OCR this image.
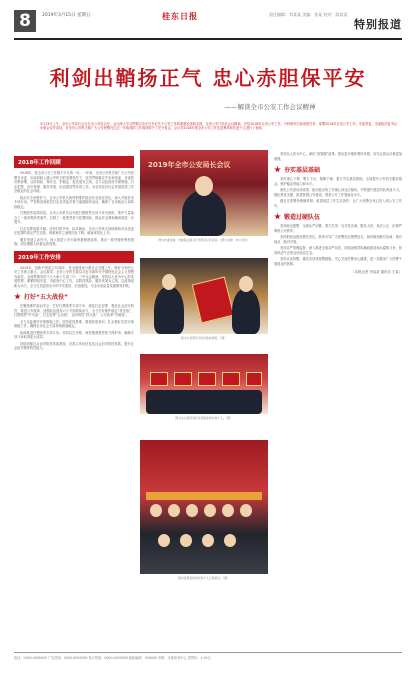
8	2019年3月15日 星期五	桂东日报	责任编辑：刘某某 美编：张某 校对：陈某某
特别报道
利剑出鞘扬正气 忠心赤胆保平安
——解读全市公安工作会议精神
3月13日上午，全市公安局长会议在市公安局召开。会议深入学习贯彻习近平总书记关于公安工作的重要论述和全国、全省公安厅局长会议精神，总结2018年全市公安工作，分析研判当前形势任务，部署2019年全市公安工作。市委常委、市委政法委书记出席会议并讲话，对全市公安机关和广大公安民警在过去一年取得的工作成绩给予了充分肯定。会议对2018年度全市公安工作先进集体和先进个人进行了表彰。
2018年工作回顾

2018年，是全市公安工作极不平凡的一年。一年来，全市公安机关和广大公安民警在市委、市政府和上级公安机关的坚强领导下，坚决贯彻落实中央和省委、市委的决策部署，以防风险、保安全、护稳定、促发展为主线，全力以赴抓好安保维稳、打击犯罪、治安管理、服务发展、队伍建设等各项工作，为全市经济社会发展营造了安全稳定的社会环境。

政治安全坚强有力。全市公安机关始终把维护政治安全放在首位，深入开展各类专项行动，严密防范和依法打击各类敌对势力渗透破坏活动，确保了全市政治大局持续稳定。

扫黑除恶成效明显。全市公安机关以开展扫黑除恶专项斗争为契机，集中力量侦办了一批涉黑涉恶案件，打掉了一批黑恶势力犯罪团伙，群众安全感和满意度进一步提升。

打击犯罪成果丰硕。坚持打防并举、标本兼治，全市公安机关持续保持对各类违法犯罪的高压严打态势，刑事案件立案数同比下降，破案率同比上升。

服务发展主动作为。深入推进公安行政审批制度改革，推出一系列便民利民措施，切实增强人民群众获得感。

2019年工作安排

2019年，是新中国成立70周年，是全面建成小康社会关键之年，做好今年的公安工作意义重大。会议要求，全市公安机关要以习近平新时代中国特色社会主义思想为指导，全面贯彻党的十九大和十九届二中、三中全会精神，坚持以人民为中心的发展思想，紧紧围绕市委、市政府中心工作，以防控风险、服务发展为主线，以改革创新为动力，全力打造更高水平的平安建设、法治建设，为全市高质量发展保驾护航。

打好“五大战役”

在聚焦维护政治安全、打好扫黑除恶专项斗争、深化打击犯罪、强化社会治安防控、推进公安改革、加强队伍建设六个方面持续用力，全力打好维护稳定“攻坚战”、扫黑除恶“歼灭战”、打击犯罪“主动战”、治安防控“持久战”、公安改革“突破战”。

全力以赴做好安保维稳工作。坚持底线思维，增强忧患意识，扎实做好各类安保维稳工作，确保全市社会大局持续和谐稳定。

纵深推进扫黑除恶专项斗争。坚持以打开路，深挖彻查黑恶势力保护伞，确保专项斗争取得更大成效。

持续加强社会治安防控体系建设。完善立体化信息化社会治安防控体系，提升社会治安整体防控能力。

2019年全市公安局长会议
图为市委常委、市委政法委书记出席会议并讲话。（图片来源：市公安局）
图为与会领导为先进集体颁奖。（图）
图为会议现场表彰先进集体和先进个人。（图）
图为获得表彰的先进个人合影留念。（图）

坚持以人民为中心，深化“放管服”改革，推出更多便民利民举措，切实让群众办事更加便捷。

夯实基层基础

坚持重心下移、警力下沉、保障下倾，着力夯实基层基础，全面提升公安机关服务群众、维护稳定的能力和水平。

深化公安派出所改革，推动派出所工作重心向社区倾斜，不断提升基层所队的战斗力。强化科技支撑，推进智慧公安建设，提高公安工作智能化水平。

健全完善警务保障机制，改善基层工作生活条件，让广大民警全身心投入到公安工作中。

锻造过硬队伍

坚持政治建警、全面从严治警，着力打造一支对党忠诚、服务人民、执法公正、纪律严明的公安铁军。

坚持把政治建设摆在首位，教育引导广大民警坚定理想信念，始终做到绝对忠诚、绝对纯洁、绝对可靠。

坚持从严管理监督，深入推进全面从严治党，持续加强党风廉政建设和反腐败斗争，营造风清气正的良好政治生态。

坚持从优待警，落实各项优待警措施，关心关爱民警身心健康，进一步激发广大民警干事创业的热情。

（本报记者 李某某 通讯员 王某）
电话：0000-0000000 广告热线：0000-0000000 发行热线：0000-0000000 邮政编码：000000 印刷：本报印务中心 零售价：1.00元
